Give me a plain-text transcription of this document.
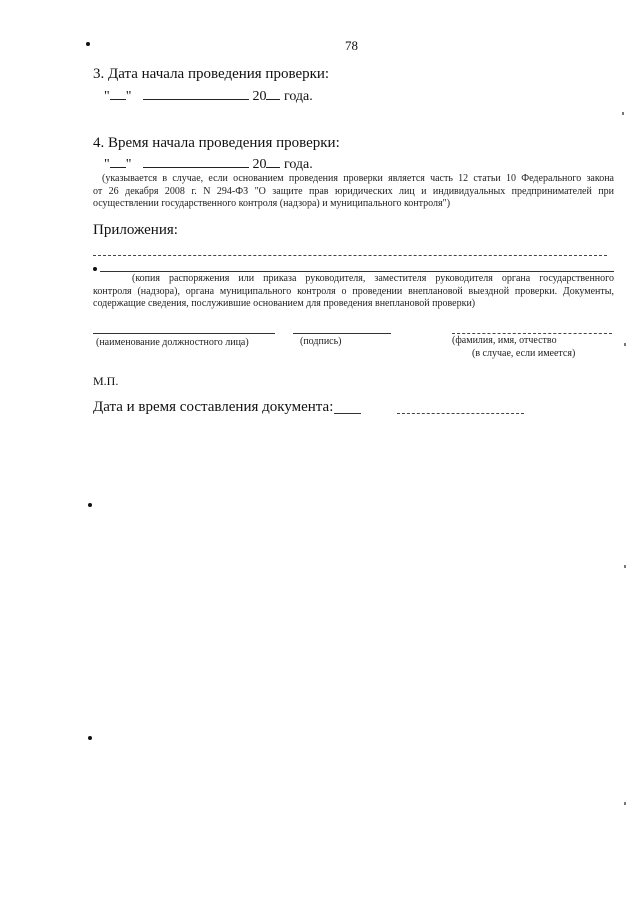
78
3. Дата начала проведения проверки:
" "	20 года.
4. Время начала проведения проверки:
" "	20 года.
(указывается в случае, если основанием проведения проверки является часть 12 статьи 10 Федерального закона
от 26 декабря 2008 г. N 294-ФЗ "О защите прав юридических лиц и индивидуальных предпринимателей при
осуществлении государственного контроля (надзора) и муниципального контроля")
Приложения:
(копия распоряжения или приказа руководителя, заместителя руководителя органа государственного
контроля (надзора), органа муниципального контроля о проведении внеплановой выездной проверки. Документы,
содержащие сведения, послужившие основанием для проведения внеплановой проверки)
(наименование должностного лица)	(подпись)	(фамилия, имя, отчество
(в случае, если имеется)
М.П.
Дата и время составления документа:
